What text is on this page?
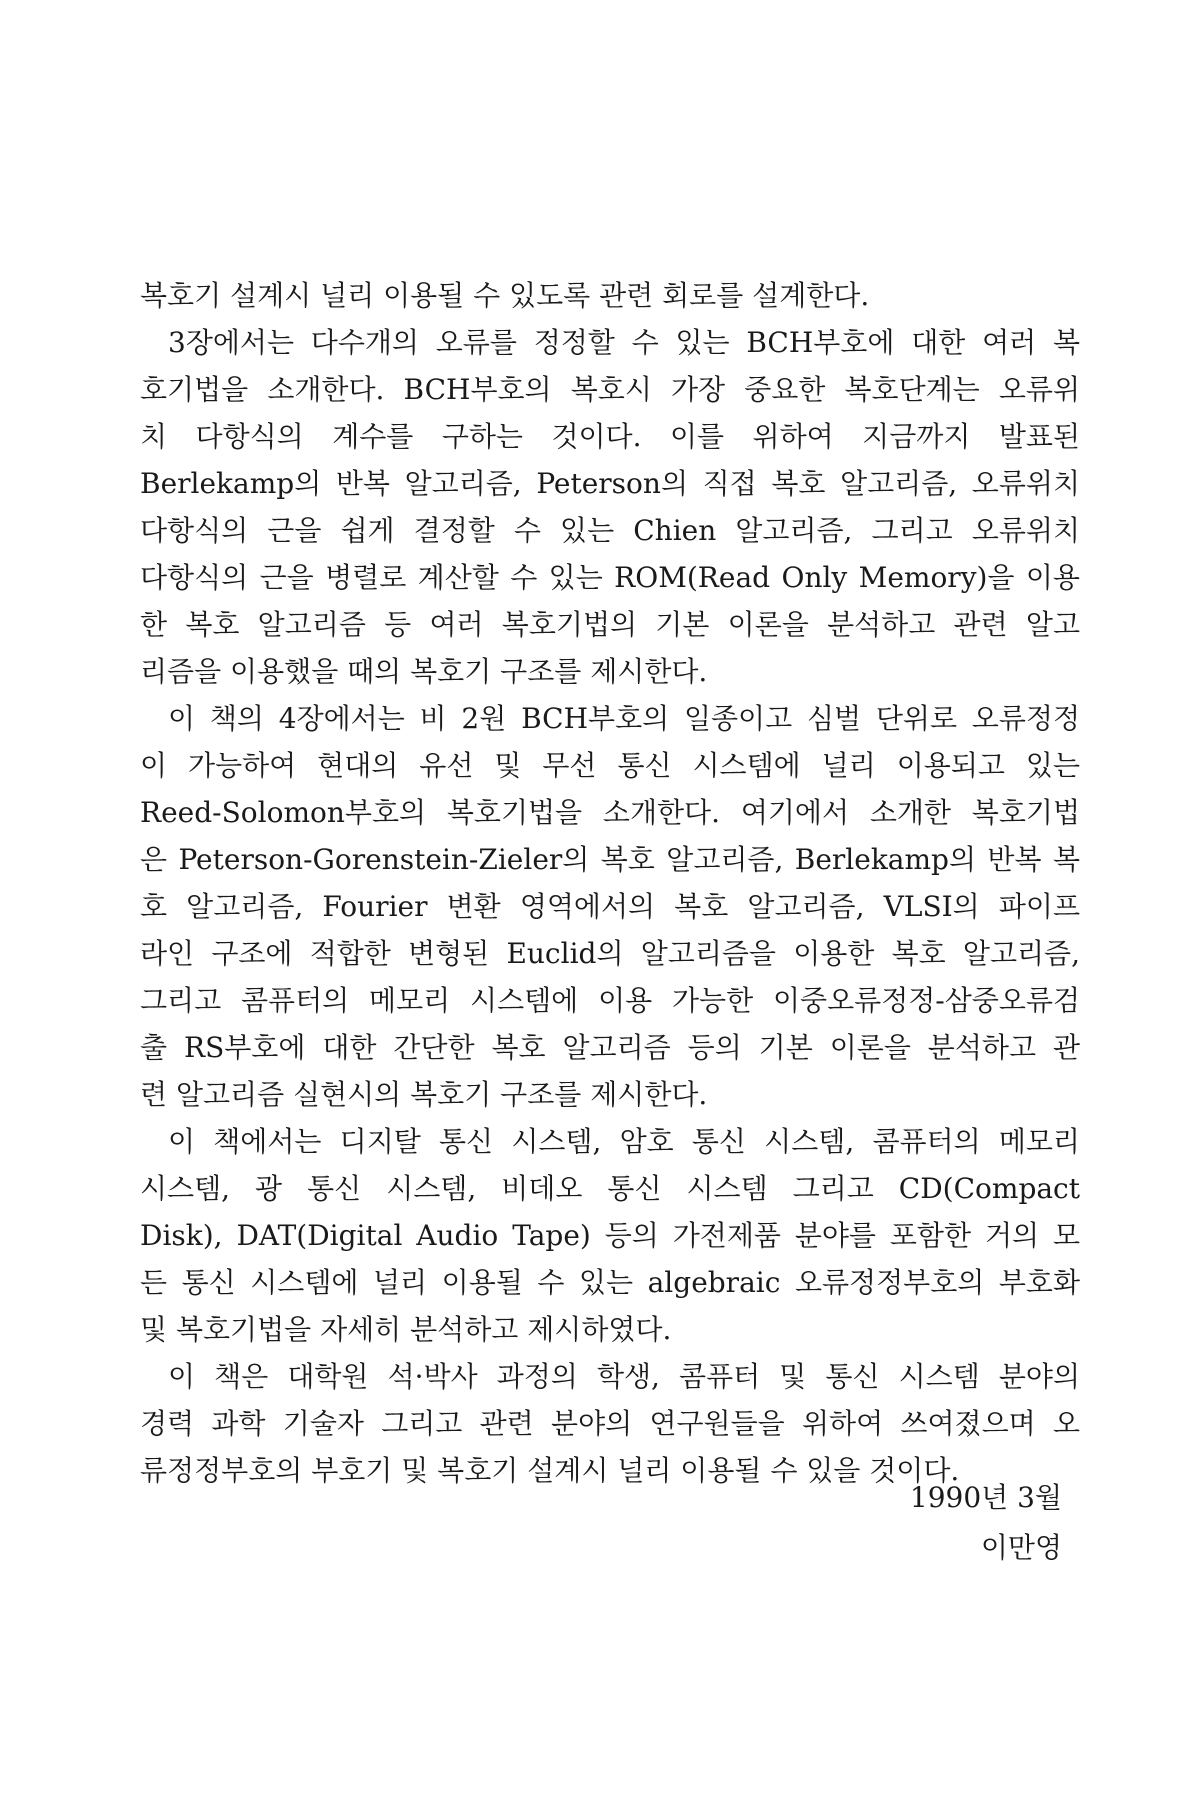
복호기 설계시 널리 이용될 수 있도록 관련 회로를 설계한다.
3장에서는 다수개의 오류를 정정할 수 있는 BCH부호에 대한 여러 복
호기법을 소개한다. BCH부호의 복호시 가장 중요한 복호단계는 오류위
치 다항식의 계수를 구하는 것이다. 이를 위하여 지금까지 발표된
Berlekamp의 반복 알고리즘, Peterson의 직접 복호 알고리즘, 오류위치
다항식의 근을 쉽게 결정할 수 있는 Chien 알고리즘, 그리고 오류위치
다항식의 근을 병렬로 계산할 수 있는 ROM(Read Only Memory)을 이용
한 복호 알고리즘 등 여러 복호기법의 기본 이론을 분석하고 관련 알고
리즘을 이용했을 때의 복호기 구조를 제시한다.
이 책의 4장에서는 비 2원 BCH부호의 일종이고 심벌 단위로 오류정정
이 가능하여 현대의 유선 및 무선 통신 시스템에 널리 이용되고 있는
Reed-Solomon부호의 복호기법을 소개한다. 여기에서 소개한 복호기법
은 Peterson-Gorenstein-Zieler의 복호 알고리즘, Berlekamp의 반복 복
호 알고리즘, Fourier 변환 영역에서의 복호 알고리즘, VLSI의 파이프
라인 구조에 적합한 변형된 Euclid의 알고리즘을 이용한 복호 알고리즘,
그리고 콤퓨터의 메모리 시스템에 이용 가능한 이중오류정정-삼중오류검
출 RS부호에 대한 간단한 복호 알고리즘 등의 기본 이론을 분석하고 관
련 알고리즘 실현시의 복호기 구조를 제시한다.
이 책에서는 디지탈 통신 시스템, 암호 통신 시스템, 콤퓨터의 메모리
시스템, 광 통신 시스템, 비데오 통신 시스템 그리고 CD(Compact
Disk), DAT(Digital Audio Tape) 등의 가전제품 분야를 포함한 거의 모
든 통신 시스템에 널리 이용될 수 있는 algebraic 오류정정부호의 부호화
및 복호기법을 자세히 분석하고 제시하였다.
이 책은 대학원 석·박사 과정의 학생, 콤퓨터 및 통신 시스템 분야의
경력 과학 기술자 그리고 관련 분야의 연구원들을 위하여 쓰여졌으며 오
류정정부호의 부호기 및 복호기 설계시 널리 이용될 수 있을 것이다.
1990년 3월
이만영
